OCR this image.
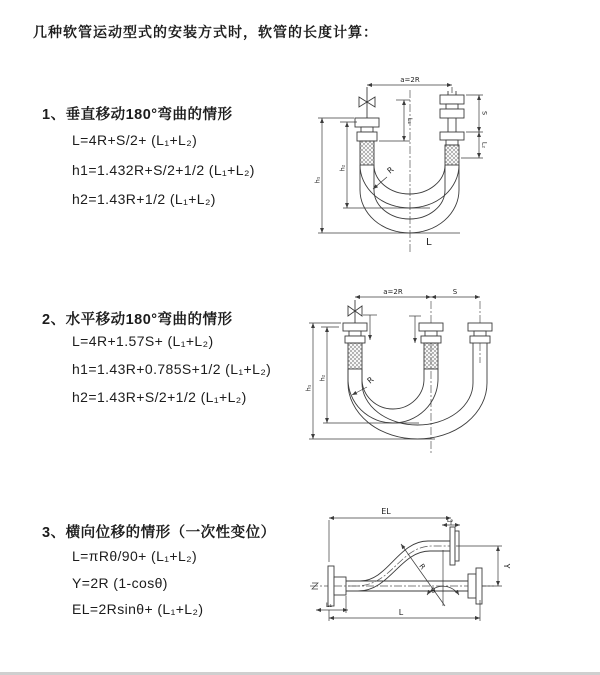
几种软管运动型式的安装方式时，软管的长度计算：
1、垂直移动180°弯曲的情形
L=4R+S/2+ (L₁+L₂)
h1=1.432R+S/2+1/2 (L₁+L₂)
h2=1.43R+1/2 (L₁+L₂)
2、水平移动180°弯曲的情形
L=4R+1.57S+ (L₁+L₂)
h1=1.43R+0.785S+1/2 (L₁+L₂)
h2=1.43R+S/2+1/2 (L₁+L₂)
3、横向位移的情形（一次性变位）
L=πRθ/90+ (L₁+L₂)
Y=2R (1-cosθ)
EL=2Rsinθ+ (L₁+L₂)
a=2R
L₁
S
L₂
h₁
h₂	R
L
a=2R	S
h₁
h₂	R
EL
L₂
Y
R
θ
L₁
L
